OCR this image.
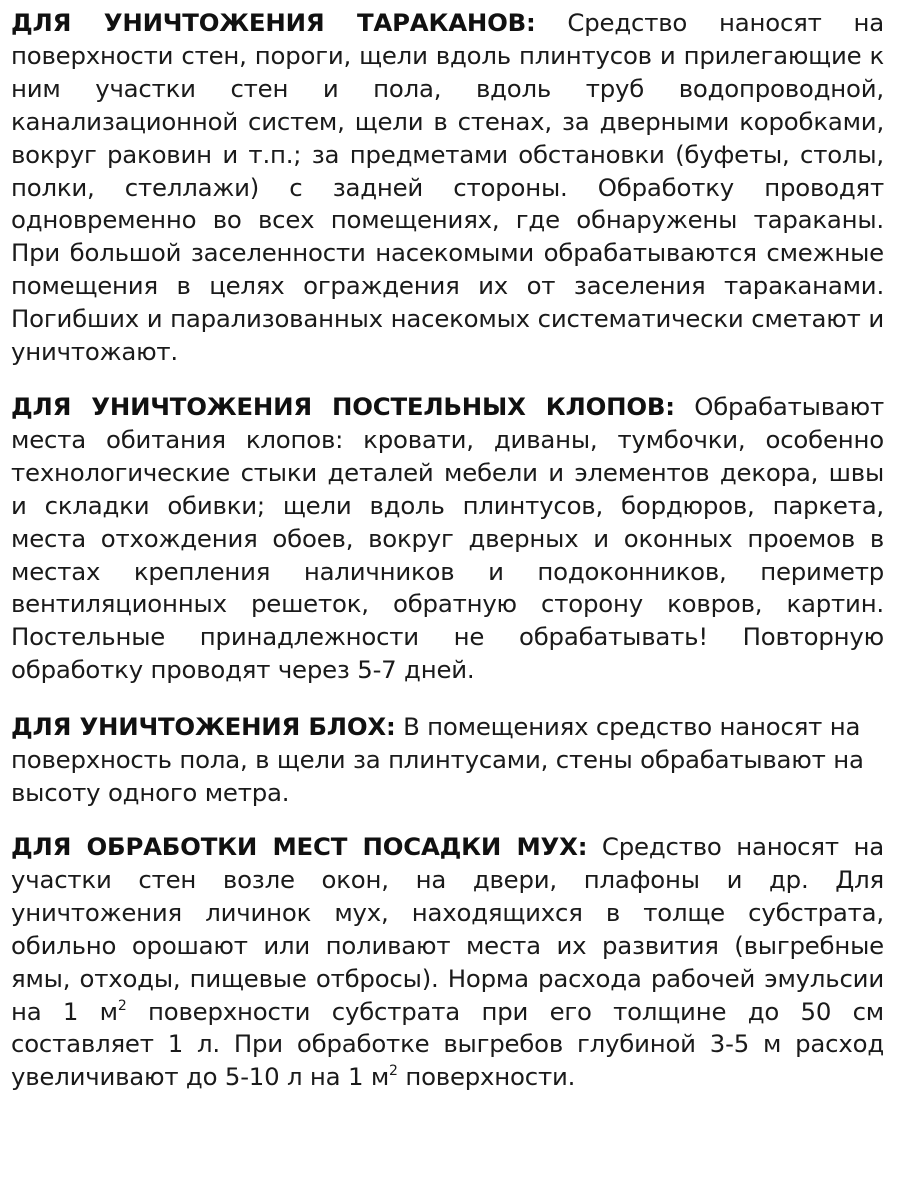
ДЛЯ УНИЧТОЖЕНИЯ ТАРАКАНОВ: Средство наносят на поверхности стен, пороги, щели вдоль плинтусов и прилегающие к ним участки стен и пола, вдоль труб водопроводной, канализационной систем, щели в стенах, за дверными коробками, вокруг раковин и т.п.; за предметами обстановки (буфеты, столы, полки, стеллажи) с задней стороны. Обработку проводят одновременно во всех помещениях, где обнаружены тараканы. При большой заселенности насекомыми обрабатываются смежные помещения в целях ограждения их от заселения тараканами. Погибших и парализованных насекомых систематически сметают и уничтожают.
ДЛЯ УНИЧТОЖЕНИЯ ПОСТЕЛЬНЫХ КЛОПОВ: Обрабатывают места обитания клопов: кровати, диваны, тумбочки, особенно технологические стыки деталей мебели и элементов декора, швы и складки обивки; щели вдоль плинтусов, бордюров, паркета, места отхождения обоев, вокруг дверных и оконных проемов в местах крепления наличников и подоконников, периметр вентиляционных решеток, обратную сторону ковров, картин. Постельные принадлежности не обрабатывать! Повторную обработку проводят через 5-7 дней.
ДЛЯ УНИЧТОЖЕНИЯ БЛОХ: В помещениях средство наносят на поверхность пола, в щели за плинтусами, стены обрабатывают на высоту одного метра.
ДЛЯ ОБРАБОТКИ МЕСТ ПОСАДКИ МУХ: Средство наносят на участки стен возле окон, на двери, плафоны и др. Для уничтожения личинок мух, находящихся в толще субстрата, обильно орошают или поливают места их развития (выгребные ямы, отходы, пищевые отбросы). Норма расхода рабочей эмульсии на 1 $м^2$ поверхности субстрата при его толщине до 50 см составляет 1 л. При обработке выгребов глубиной 3-5 м расход увеличивают до 5-10 л на 1 $м^2$ поверхности.
